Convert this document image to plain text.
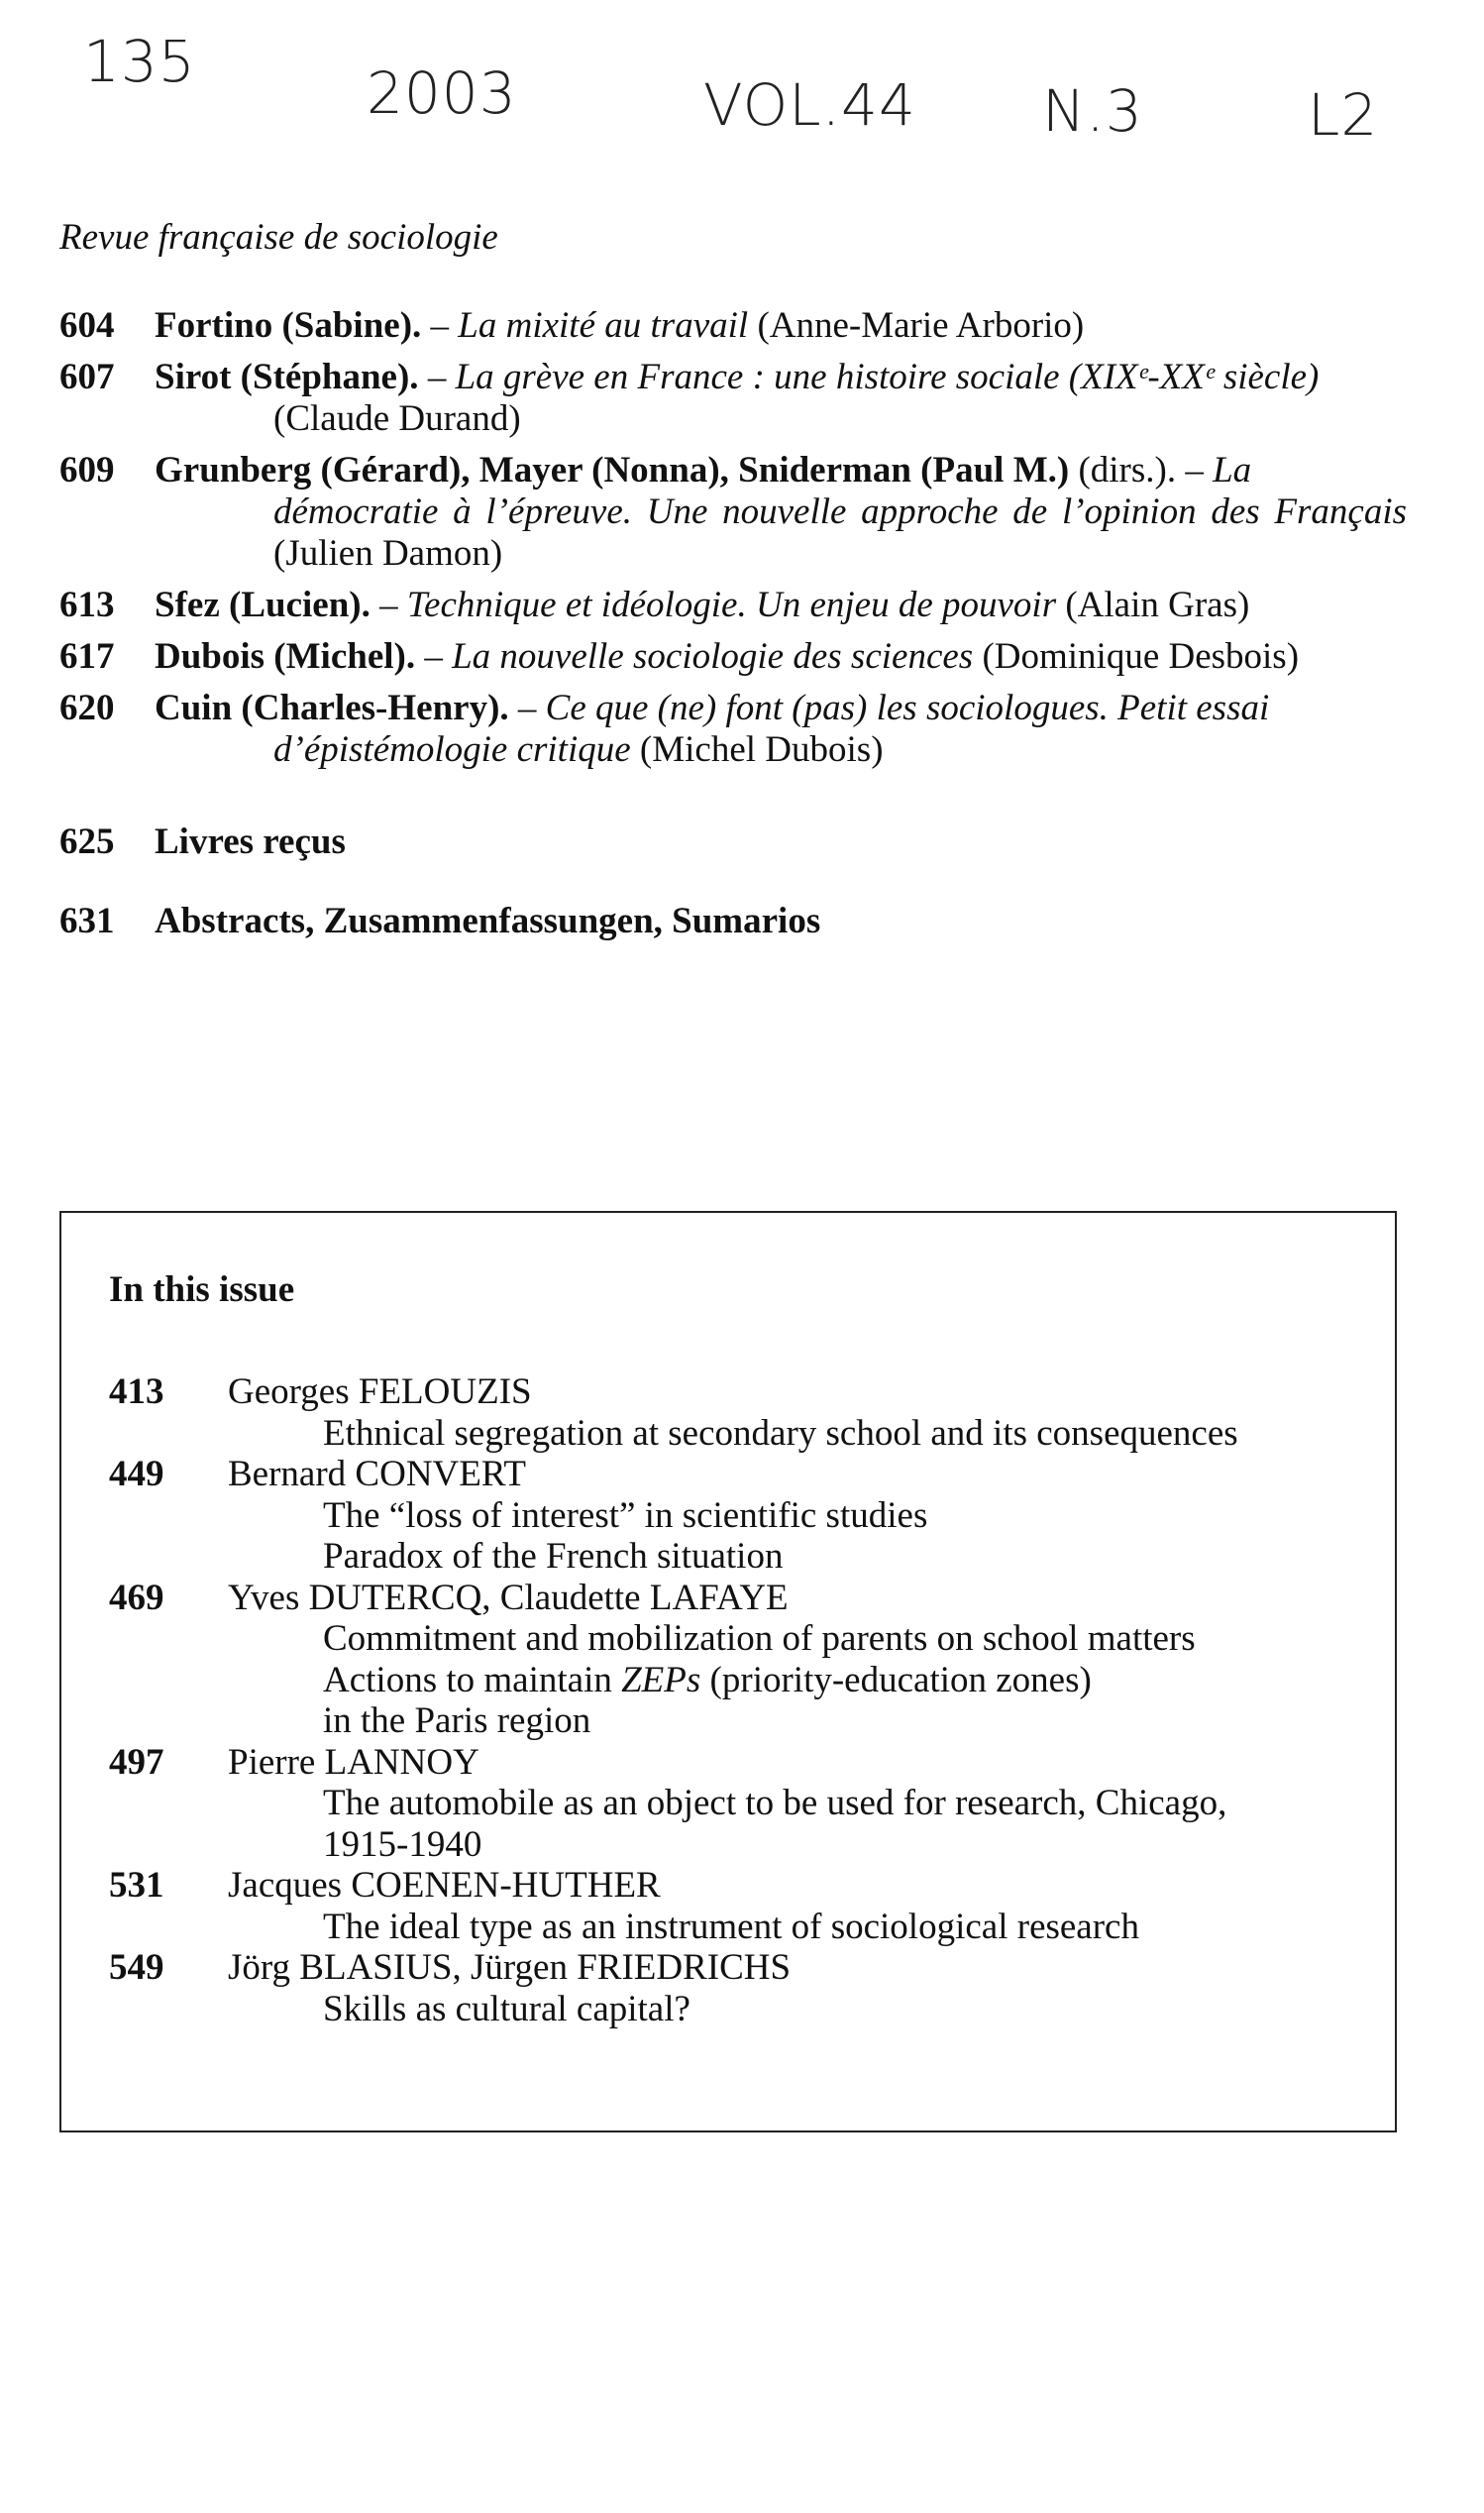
135	2003	VOL.44 N.3	L2
Revue française de sociologie
604 Fortino (Sabine). – La mixité au travail (Anne-Marie Arborio)
607 Sirot (Stéphane). – La grève en France : une histoire sociale (XIXᵉ-XXᵉ siècle)
(Claude Durand)
609 Grunberg (Gérard), Mayer (Nonna), Sniderman (Paul M.) (dirs.). – La
démocratie à l’épreuve. Une nouvelle approche de l’opinion des Français (Julien Damon)
613 Sfez (Lucien). – Technique et idéologie. Un enjeu de pouvoir (Alain Gras)
617 Dubois (Michel). – La nouvelle sociologie des sciences (Dominique Desbois)
620 Cuin (Charles-Henry). – Ce que (ne) font (pas) les sociologues. Petit essai
d’épistémologie critique (Michel Dubois)
625 Livres reçus
631 Abstracts, Zusammenfassungen, Sumarios
In this issue
413 Georges FELOUZIS
Ethnical segregation at secondary school and its consequences
449 Bernard CONVERT
The “loss of interest” in scientific studies
Paradox of the French situation
469 Yves DUTERCQ, Claudette LAFAYE
Commitment and mobilization of parents on school matters
Actions to maintain ZEPs (priority-education zones)
in the Paris region
497 Pierre LANNOY
The automobile as an object to be used for research, Chicago,
1915-1940
531 Jacques COENEN-HUTHER
The ideal type as an instrument of sociological research
549 Jörg BLASIUS, Jürgen FRIEDRICHS
Skills as cultural capital?
